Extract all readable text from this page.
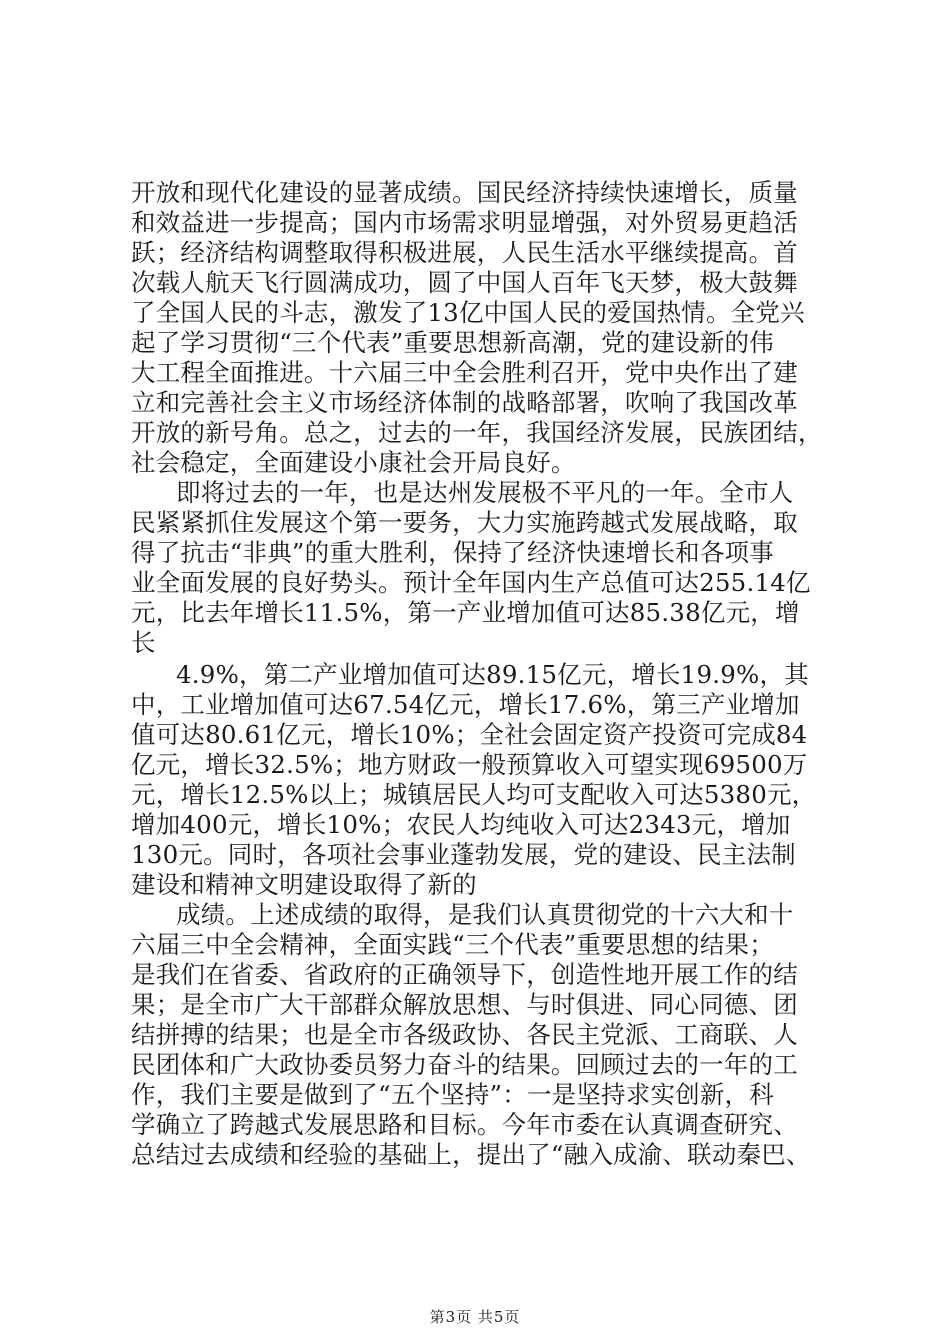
开放和现代化建设的显著成绩。国民经济持续快速增长，质量
和效益进一步提高；国内市场需求明显增强，对外贸易更趋活
跃；经济结构调整取得积极进展，人民生活水平继续提高。首
次载人航天飞行圆满成功，圆了中国人百年飞天梦，极大鼓舞
了全国人民的斗志，激发了13亿中国人民的爱国热情。全党兴
起了学习贯彻“三个代表”重要思想新高潮，党的建设新的伟
大工程全面推进。十六届三中全会胜利召开，党中央作出了建
立和完善社会主义市场经济体制的战略部署，吹响了我国改革
开放的新号角。总之，过去的一年，我国经济发展，民族团结，
社会稳定，全面建设小康社会开局良好。
即将过去的一年，也是达州发展极不平凡的一年。全市人
民紧紧抓住发展这个第一要务，大力实施跨越式发展战略，取
得了抗击“非典”的重大胜利，保持了经济快速增长和各项事
业全面发展的良好势头。预计全年国内生产总值可达255.14亿
元，比去年增长11.5%，第一产业增加值可达85.38亿元，增
长
4.9%，第二产业增加值可达89.15亿元，增长19.9%，其
中，工业增加值可达67.54亿元，增长17.6%，第三产业增加
值可达80.61亿元，增长10%；全社会固定资产投资可完成84
亿元，增长32.5%；地方财政一般预算收入可望实现69500万
元，增长12.5%以上；城镇居民人均可支配收入可达5380元，
增加400元，增长10%；农民人均纯收入可达2343元，增加
130元。同时，各项社会事业蓬勃发展，党的建设、民主法制
建设和精神文明建设取得了新的
成绩。上述成绩的取得，是我们认真贯彻党的十六大和十
六届三中全会精神，全面实践“三个代表”重要思想的结果；
是我们在省委、省政府的正确领导下，创造性地开展工作的结
果；是全市广大干部群众解放思想、与时俱进、同心同德、团
结拼搏的结果；也是全市各级政协、各民主党派、工商联、人
民团体和广大政协委员努力奋斗的结果。回顾过去的一年的工
作，我们主要是做到了“五个坚持”：一是坚持求实创新，科
学确立了跨越式发展思路和目标。今年市委在认真调查研究、
总结过去成绩和经验的基础上，提出了“融入成渝、联动秦巴、
第3页 共5页
